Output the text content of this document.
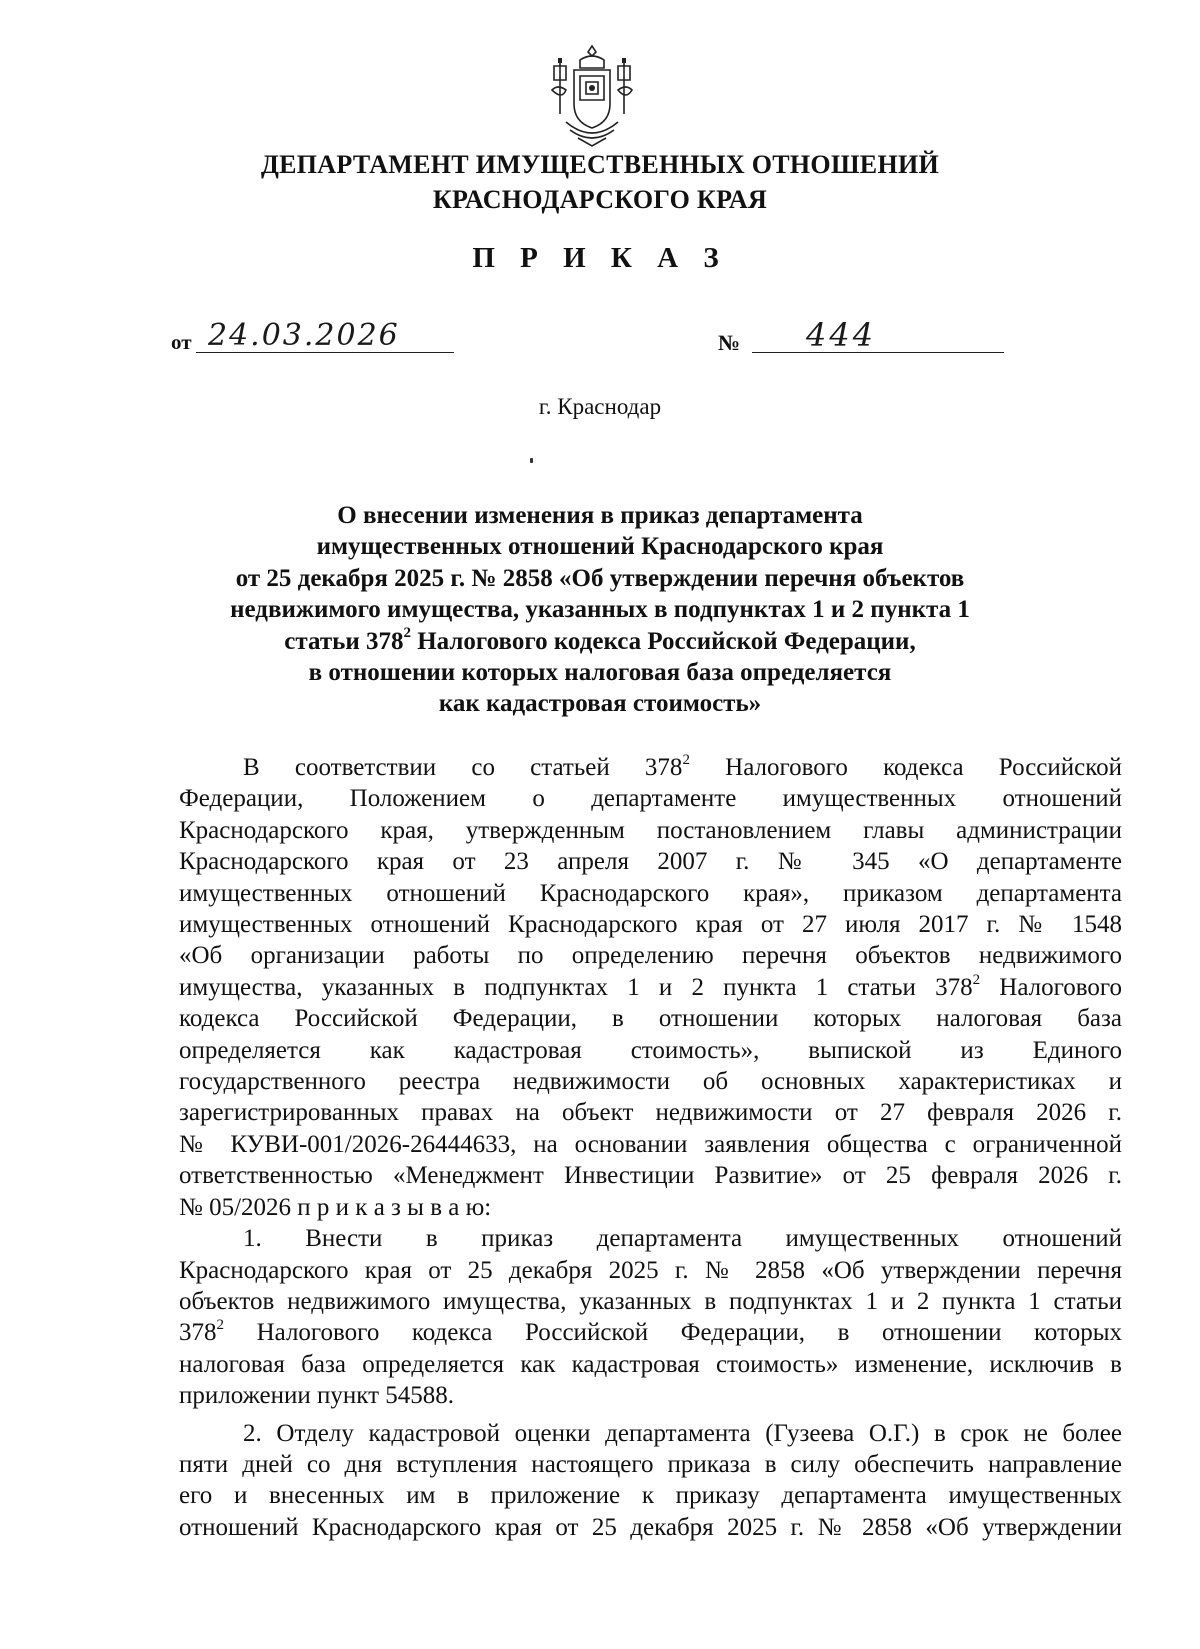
ДЕПАРТАМЕНТ ИМУЩЕСТВЕННЫХ ОТНОШЕНИЙ
КРАСНОДАРСКОГО КРАЯ
П Р И К А З
от 24.03.2026	№ 444
г. Краснодар
О внесении изменения в приказ департамента
имущественных отношений Краснодарского края
от 25 декабря 2025 г. № 2858 «Об утверждении перечня объектов
недвижимого имущества, указанных в подпунктах 1 и 2 пункта 1
статьи $378^2$ Налогового кодекса Российской Федерации,
в отношении которых налоговая база определяется
как кадастровая стоимость»
В соответствии со статьей $378^2$ Налогового кодекса Российской
Федерации, Положением о департаменте имущественных отношений
Краснодарского края, утвержденным постановлением главы администрации
Краснодарского края от 23 апреля 2007 г. № 345 «О департаменте
имущественных отношений Краснодарского края», приказом департамента
имущественных отношений Краснодарского края от 27 июля 2017 г. № 1548
«Об организации работы по определению перечня объектов недвижимого
имущества, указанных в подпунктах 1 и 2 пункта 1 статьи $378^2$ Налогового
кодекса Российской Федерации, в отношении которых налоговая база
определяется как кадастровая стоимость», выпиской из Единого
государственного реестра недвижимости об основных характеристиках и
зарегистрированных правах на объект недвижимости от 27 февраля 2026 г.
№ КУВИ-001/2026-26444633, на основании заявления общества с ограниченной
ответственностью «Менеджмент Инвестиции Развитие» от 25 февраля 2026 г.
№ 05/2026 п р и к а з ы в а ю:
1. Внести в приказ департамента имущественных отношений
Краснодарского края от 25 декабря 2025 г. № 2858 «Об утверждении перечня
объектов недвижимого имущества, указанных в подпунктах 1 и 2 пункта 1 статьи
$378^2$ Налогового кодекса Российской Федерации, в отношении которых
налоговая база определяется как кадастровая стоимость» изменение, исключив в
приложении пункт 54588.
2. Отделу кадастровой оценки департамента (Гузеева О.Г.) в срок не более
пяти дней со дня вступления настоящего приказа в силу обеспечить направление
его и внесенных им в приложение к приказу департамента имущественных
отношений Краснодарского края от 25 декабря 2025 г. № 2858 «Об утверждении
